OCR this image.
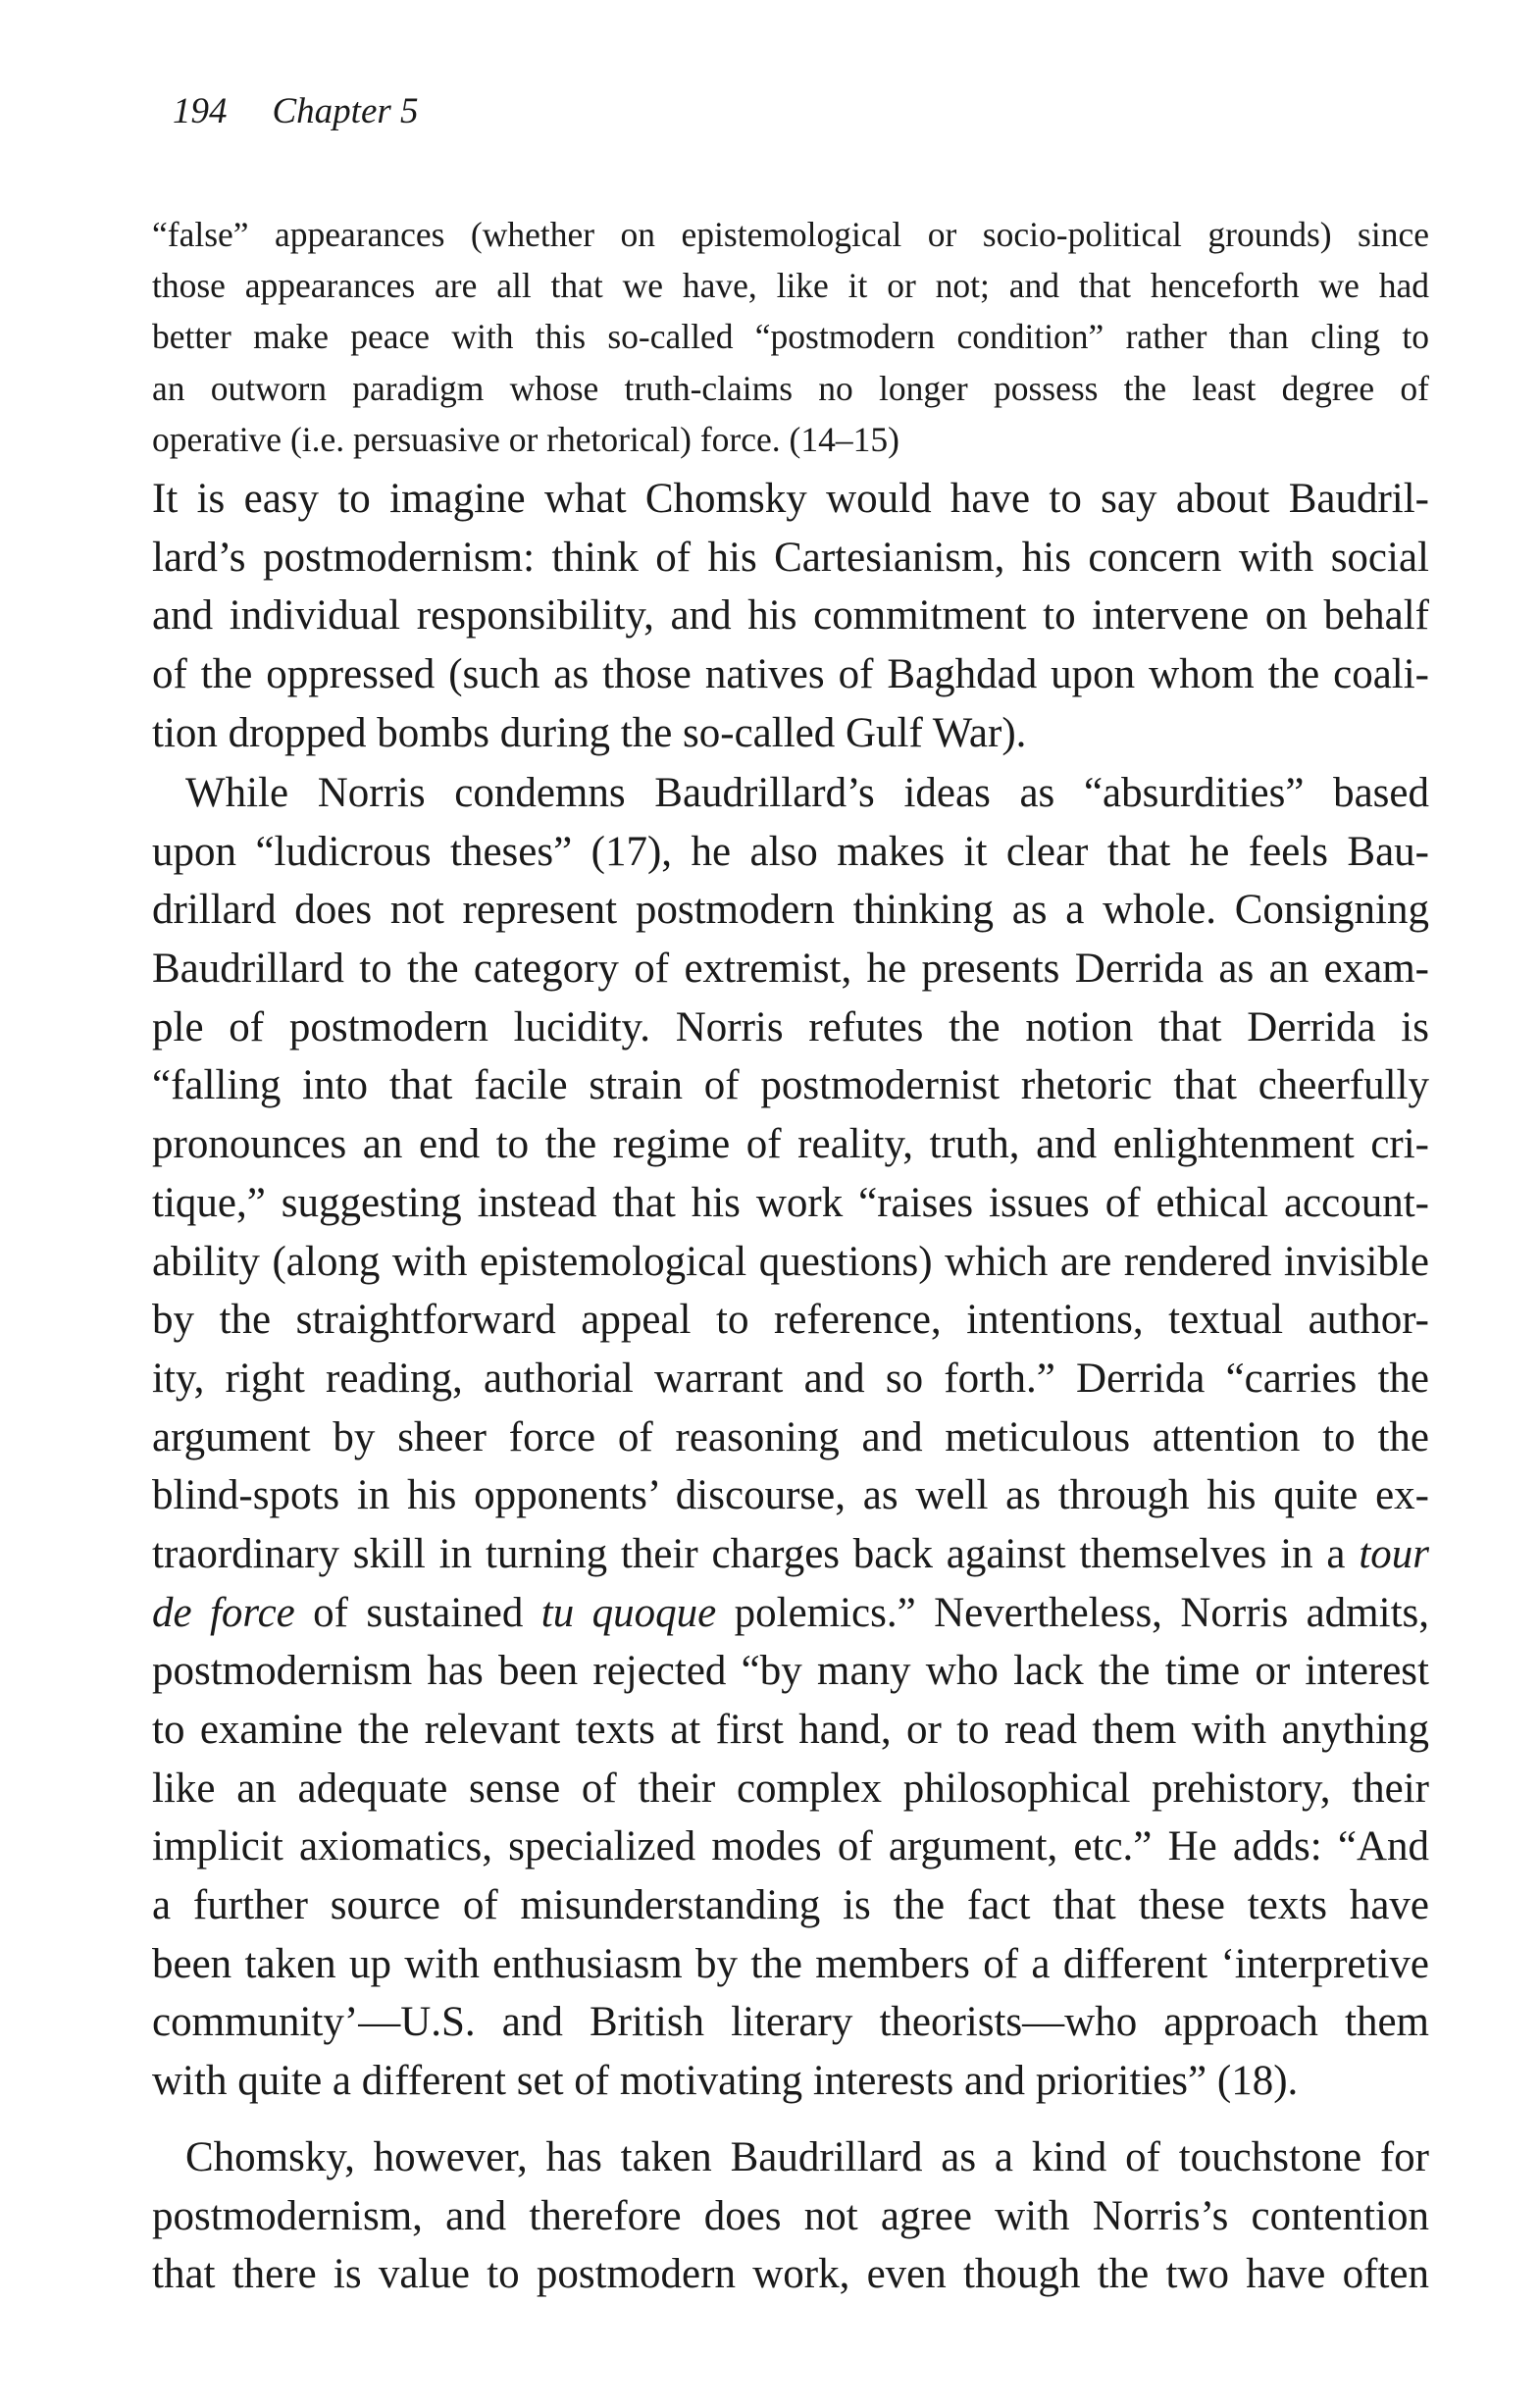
194 Chapter 5
“false” appearances (whether on epistemological or socio-political grounds) since
those appearances are all that we have, like it or not; and that henceforth we had
better make peace with this so-called “postmodern condition” rather than cling to
an outworn paradigm whose truth-claims no longer possess the least degree of
operative (i.e. persuasive or rhetorical) force. (14–15)
It is easy to imagine what Chomsky would have to say about Baudril-
lard’s postmodernism: think of his Cartesianism, his concern with social
and individual responsibility, and his commitment to intervene on behalf
of the oppressed (such as those natives of Baghdad upon whom the coali-
tion dropped bombs during the so-called Gulf War).
While Norris condemns Baudrillard’s ideas as “absurdities” based
upon “ludicrous theses” (17), he also makes it clear that he feels Bau-
drillard does not represent postmodern thinking as a whole. Consigning
Baudrillard to the category of extremist, he presents Derrida as an exam-
ple of postmodern lucidity. Norris refutes the notion that Derrida is
“falling into that facile strain of postmodernist rhetoric that cheerfully
pronounces an end to the regime of reality, truth, and enlightenment cri-
tique,” suggesting instead that his work “raises issues of ethical account-
ability (along with epistemological questions) which are rendered invisible
by the straightforward appeal to reference, intentions, textual author-
ity, right reading, authorial warrant and so forth.” Derrida “carries the
argument by sheer force of reasoning and meticulous attention to the
blind-spots in his opponents’ discourse, as well as through his quite ex-
traordinary skill in turning their charges back against themselves in a tour
de force of sustained tu quoque polemics.” Nevertheless, Norris admits,
postmodernism has been rejected “by many who lack the time or interest
to examine the relevant texts at first hand, or to read them with anything
like an adequate sense of their complex philosophical prehistory, their
implicit axiomatics, specialized modes of argument, etc.” He adds: “And
a further source of misunderstanding is the fact that these texts have
been taken up with enthusiasm by the members of a different ‘interpretive
community’—U.S. and British literary theorists—who approach them
with quite a different set of motivating interests and priorities” (18).
Chomsky, however, has taken Baudrillard as a kind of touchstone for
postmodernism, and therefore does not agree with Norris’s contention
that there is value to postmodern work, even though the two have often
